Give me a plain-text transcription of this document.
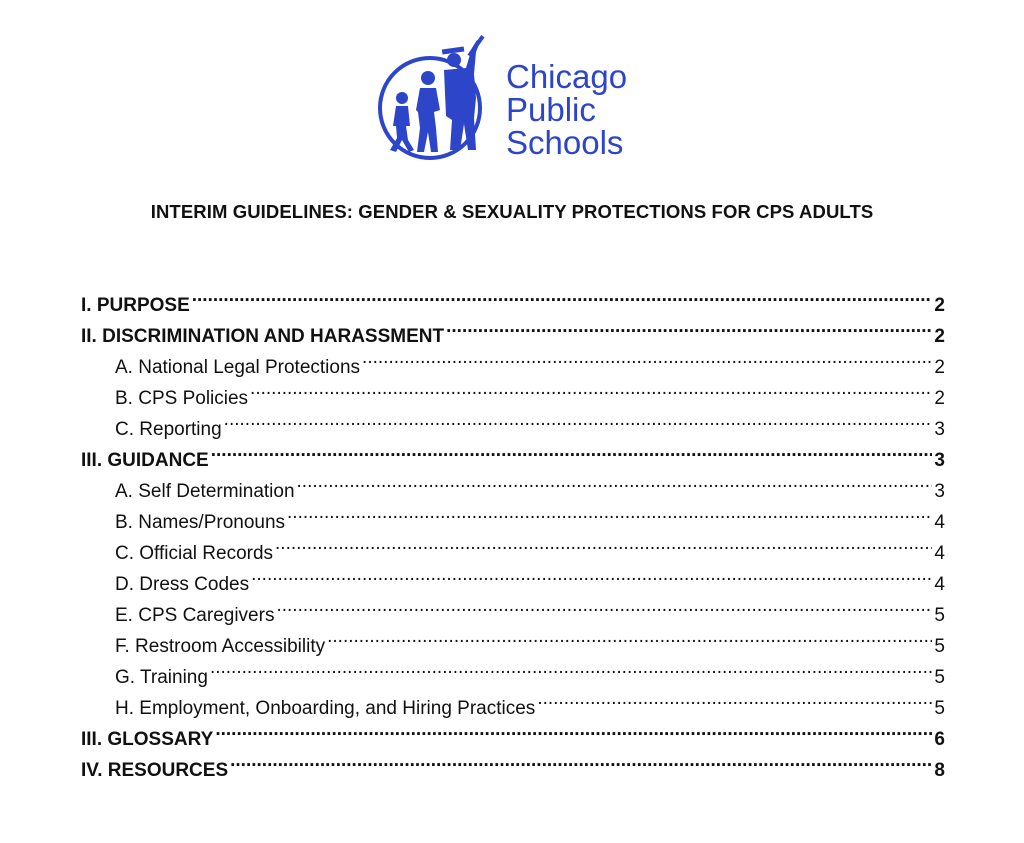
Chicago
Public
Schools
INTERIM GUIDELINES: GENDER & SEXUALITY PROTECTIONS FOR CPS ADULTS
I. PURPOSE .....	2
II. DISCRIMINATION AND HARASSMENT .....	2
A. National Legal Protections .....	2
B. CPS Policies .....	2
C. Reporting .....	3
III. GUIDANCE .....	3
A. Self Determination .....	3
B. Names/Pronouns .....	4
C. Official Records .....	4
D. Dress Codes .....	4
E. CPS Caregivers .....	5
F. Restroom Accessibility .....	5
G. Training .....	5
H. Employment, Onboarding, and Hiring Practices .....	5
III. GLOSSARY .....	6
IV. RESOURCES .....	8
